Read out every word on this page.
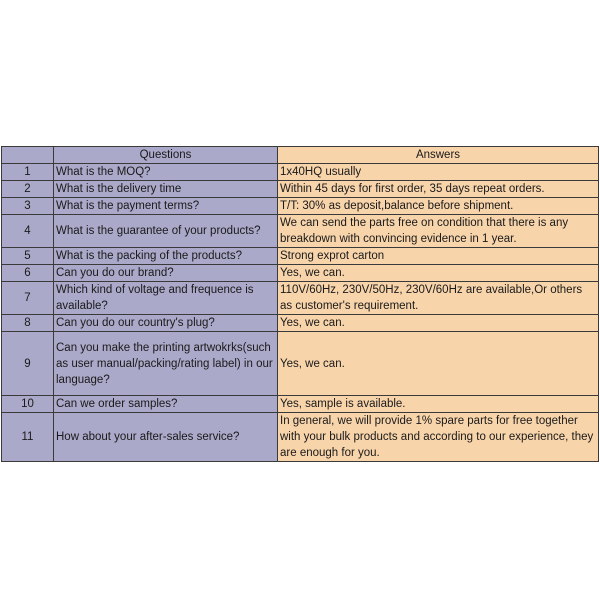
	Questions	Answers
1	What is the MOQ?	1x40HQ usually
2	What is the delivery time	Within 45 days for first order, 35 days repeat orders.
3	What is the payment terms?	T/T: 30% as deposit,balance before shipment.
4	What is the guarantee of your products?	We can send the parts free on condition that there is any breakdown with convincing evidence in 1 year.
5	What is the packing of the products?	Strong exprot carton
6	Can you do our brand?	Yes, we can.
7	Which kind of voltage and frequence is available?	110V/60Hz, 230V/50Hz, 230V/60Hz are available,Or others as customer's requirement.
8	Can you do our country's plug?	Yes, we can.
9	Can you make the printing artwokrks(such as user manual/packing/rating label) in our language?	Yes, we can.
10	Can we order samples?	Yes, sample is available.
11	How about your after-sales service?	In general, we will provide 1% spare parts for free together with your bulk products and according to our experience, they are enough for you.
